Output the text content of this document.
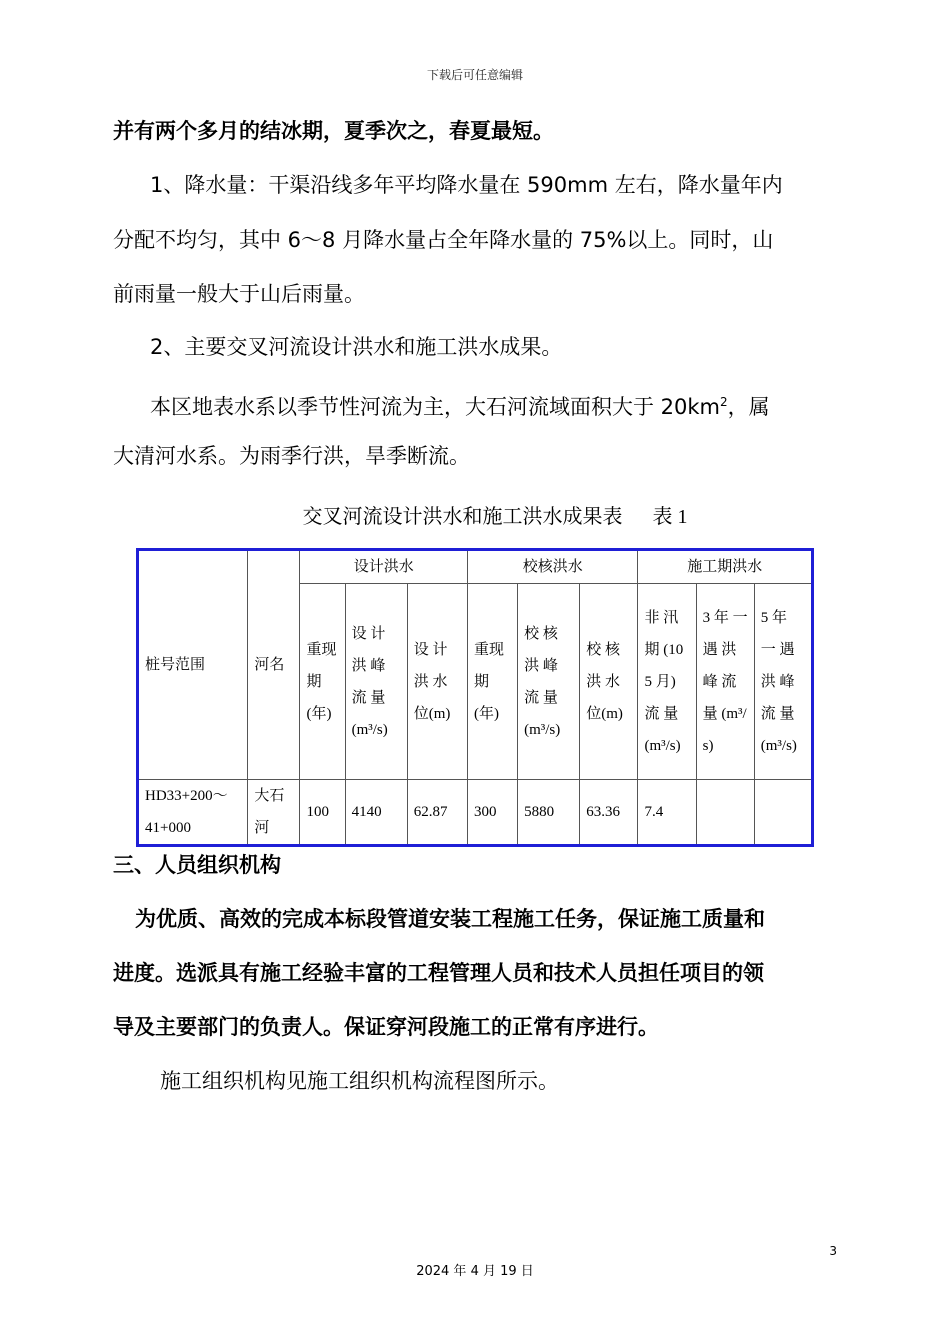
下载后可任意编辑
并有两个多月的结冰期，夏季次之，春夏最短。
1、降水量：干渠沿线多年平均降水量在 590mm 左右，降水量年内
分配不均匀，其中 6～8 月降水量占全年降水量的 75%以上。同时，山
前雨量一般大于山后雨量。
2、主要交叉河流设计洪水和施工洪水成果。
本区地表水系以季节性河流为主，大石河流域面积大于 $20km^2$，属
大清河水系。为雨季行洪，旱季断流。
交叉河流设计洪水和施工洪水成果表 表 1
桩号范围	河名	设计洪水			校核洪水			施工期洪水		
		重现期(年)	设 计 洪 峰 流 量 (m³/s)	设 计 洪 水 位(m)	重现期(年)	校 核 洪 峰 流 量 (m³/s)	校 核 洪 水 位(m)	非 汛 期 (105 月)流 量 (m³/s)	3 年 一 遇 洪 峰 流 量 (m³/s)	5 年 一 遇 洪 峰 流 量 (m³/s)
HD33+200～41+000	大石河	100	4140	62.87	300	5880	63.36	7.4		
三、人员组织机构
为优质、高效的完成本标段管道安装工程施工任务，保证施工质量和
进度。选派具有施工经验丰富的工程管理人员和技术人员担任项目的领
导及主要部门的负责人。保证穿河段施工的正常有序进行。
施工组织机构见施工组织机构流程图所示。
3
2024 年 4 月 19 日
